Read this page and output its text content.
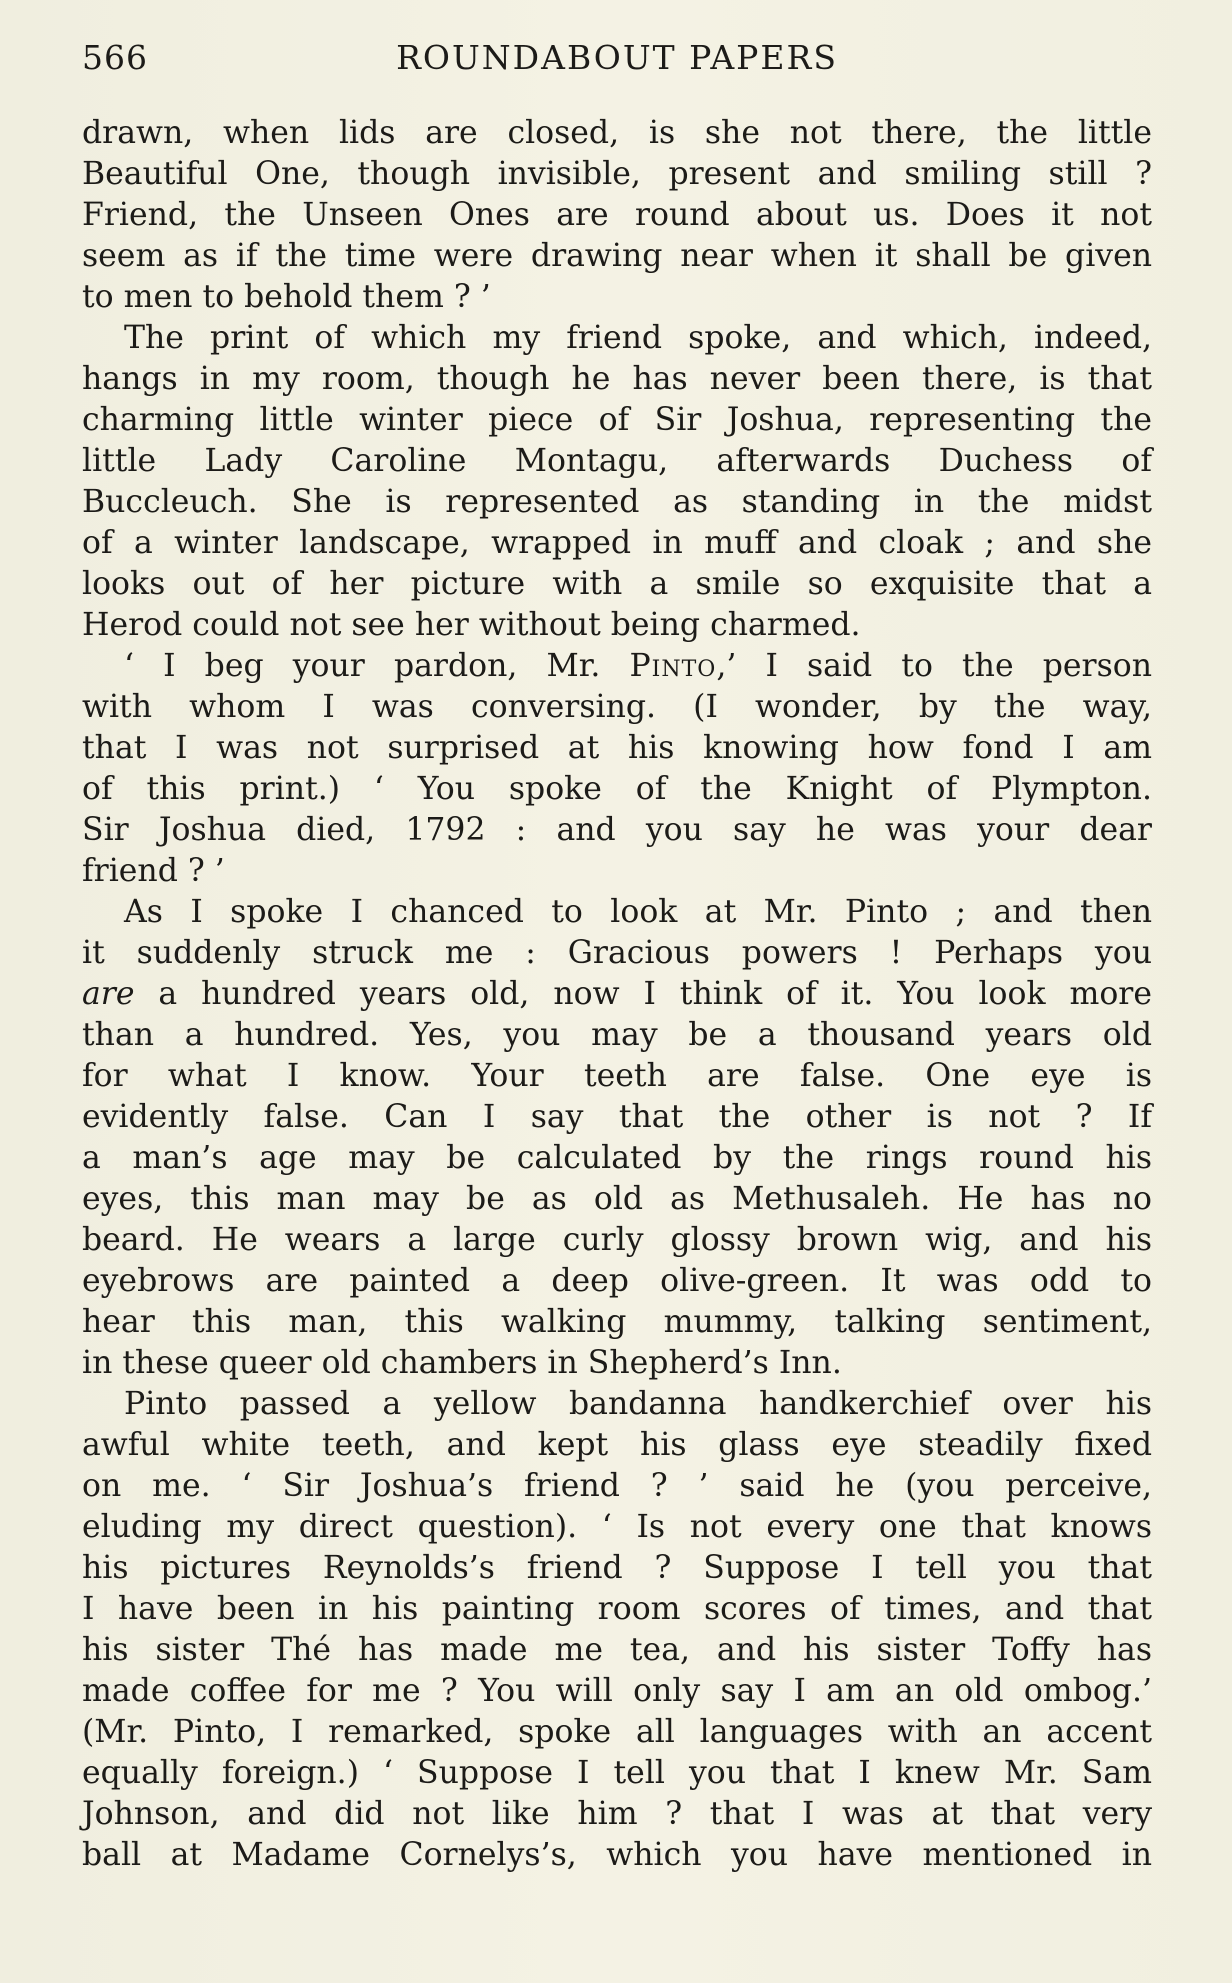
566	ROUNDABOUT PAPERS
drawn, when lids are closed, is she not there, the little
Beautiful One, though invisible, present and smiling still ?
Friend, the Unseen Ones are round about us. Does it not
seem as if the time were drawing near when it shall be given
to men to behold them ? ’
The print of which my friend spoke, and which, indeed,
hangs in my room, though he has never been there, is that
charming little winter piece of Sir Joshua, representing the
little Lady Caroline Montagu, afterwards Duchess of
Buccleuch. She is represented as standing in the midst
of a winter landscape, wrapped in muff and cloak ; and she
looks out of her picture with a smile so exquisite that a
Herod could not see her without being charmed.
‘ I beg your pardon, Mr. Pinto,’ I said to the person
with whom I was conversing. (I wonder, by the way,
that I was not surprised at his knowing how fond I am
of this print.) ‘ You spoke of the Knight of Plympton.
Sir Joshua died, 1792 : and you say he was your dear
friend ? ’
As I spoke I chanced to look at Mr. Pinto ; and then
it suddenly struck me : Gracious powers ! Perhaps you
are a hundred years old, now I think of it. You look more
than a hundred. Yes, you may be a thousand years old
for what I know. Your teeth are false. One eye is
evidently false. Can I say that the other is not ? If
a man’s age may be calculated by the rings round his
eyes, this man may be as old as Methusaleh. He has no
beard. He wears a large curly glossy brown wig, and his
eyebrows are painted a deep olive-green. It was odd to
hear this man, this walking mummy, talking sentiment,
in these queer old chambers in Shepherd’s Inn.
Pinto passed a yellow bandanna handkerchief over his
awful white teeth, and kept his glass eye steadily fixed
on me. ‘ Sir Joshua’s friend ? ’ said he (you perceive,
eluding my direct question). ‘ Is not every one that knows
his pictures Reynolds’s friend ? Suppose I tell you that
I have been in his painting room scores of times, and that
his sister Thé has made me tea, and his sister Toffy has
made coffee for me ? You will only say I am an old ombog.’
(Mr. Pinto, I remarked, spoke all languages with an accent
equally foreign.) ‘ Suppose I tell you that I knew Mr. Sam
Johnson, and did not like him ? that I was at that very
ball at Madame Cornelys’s, which you have mentioned in
